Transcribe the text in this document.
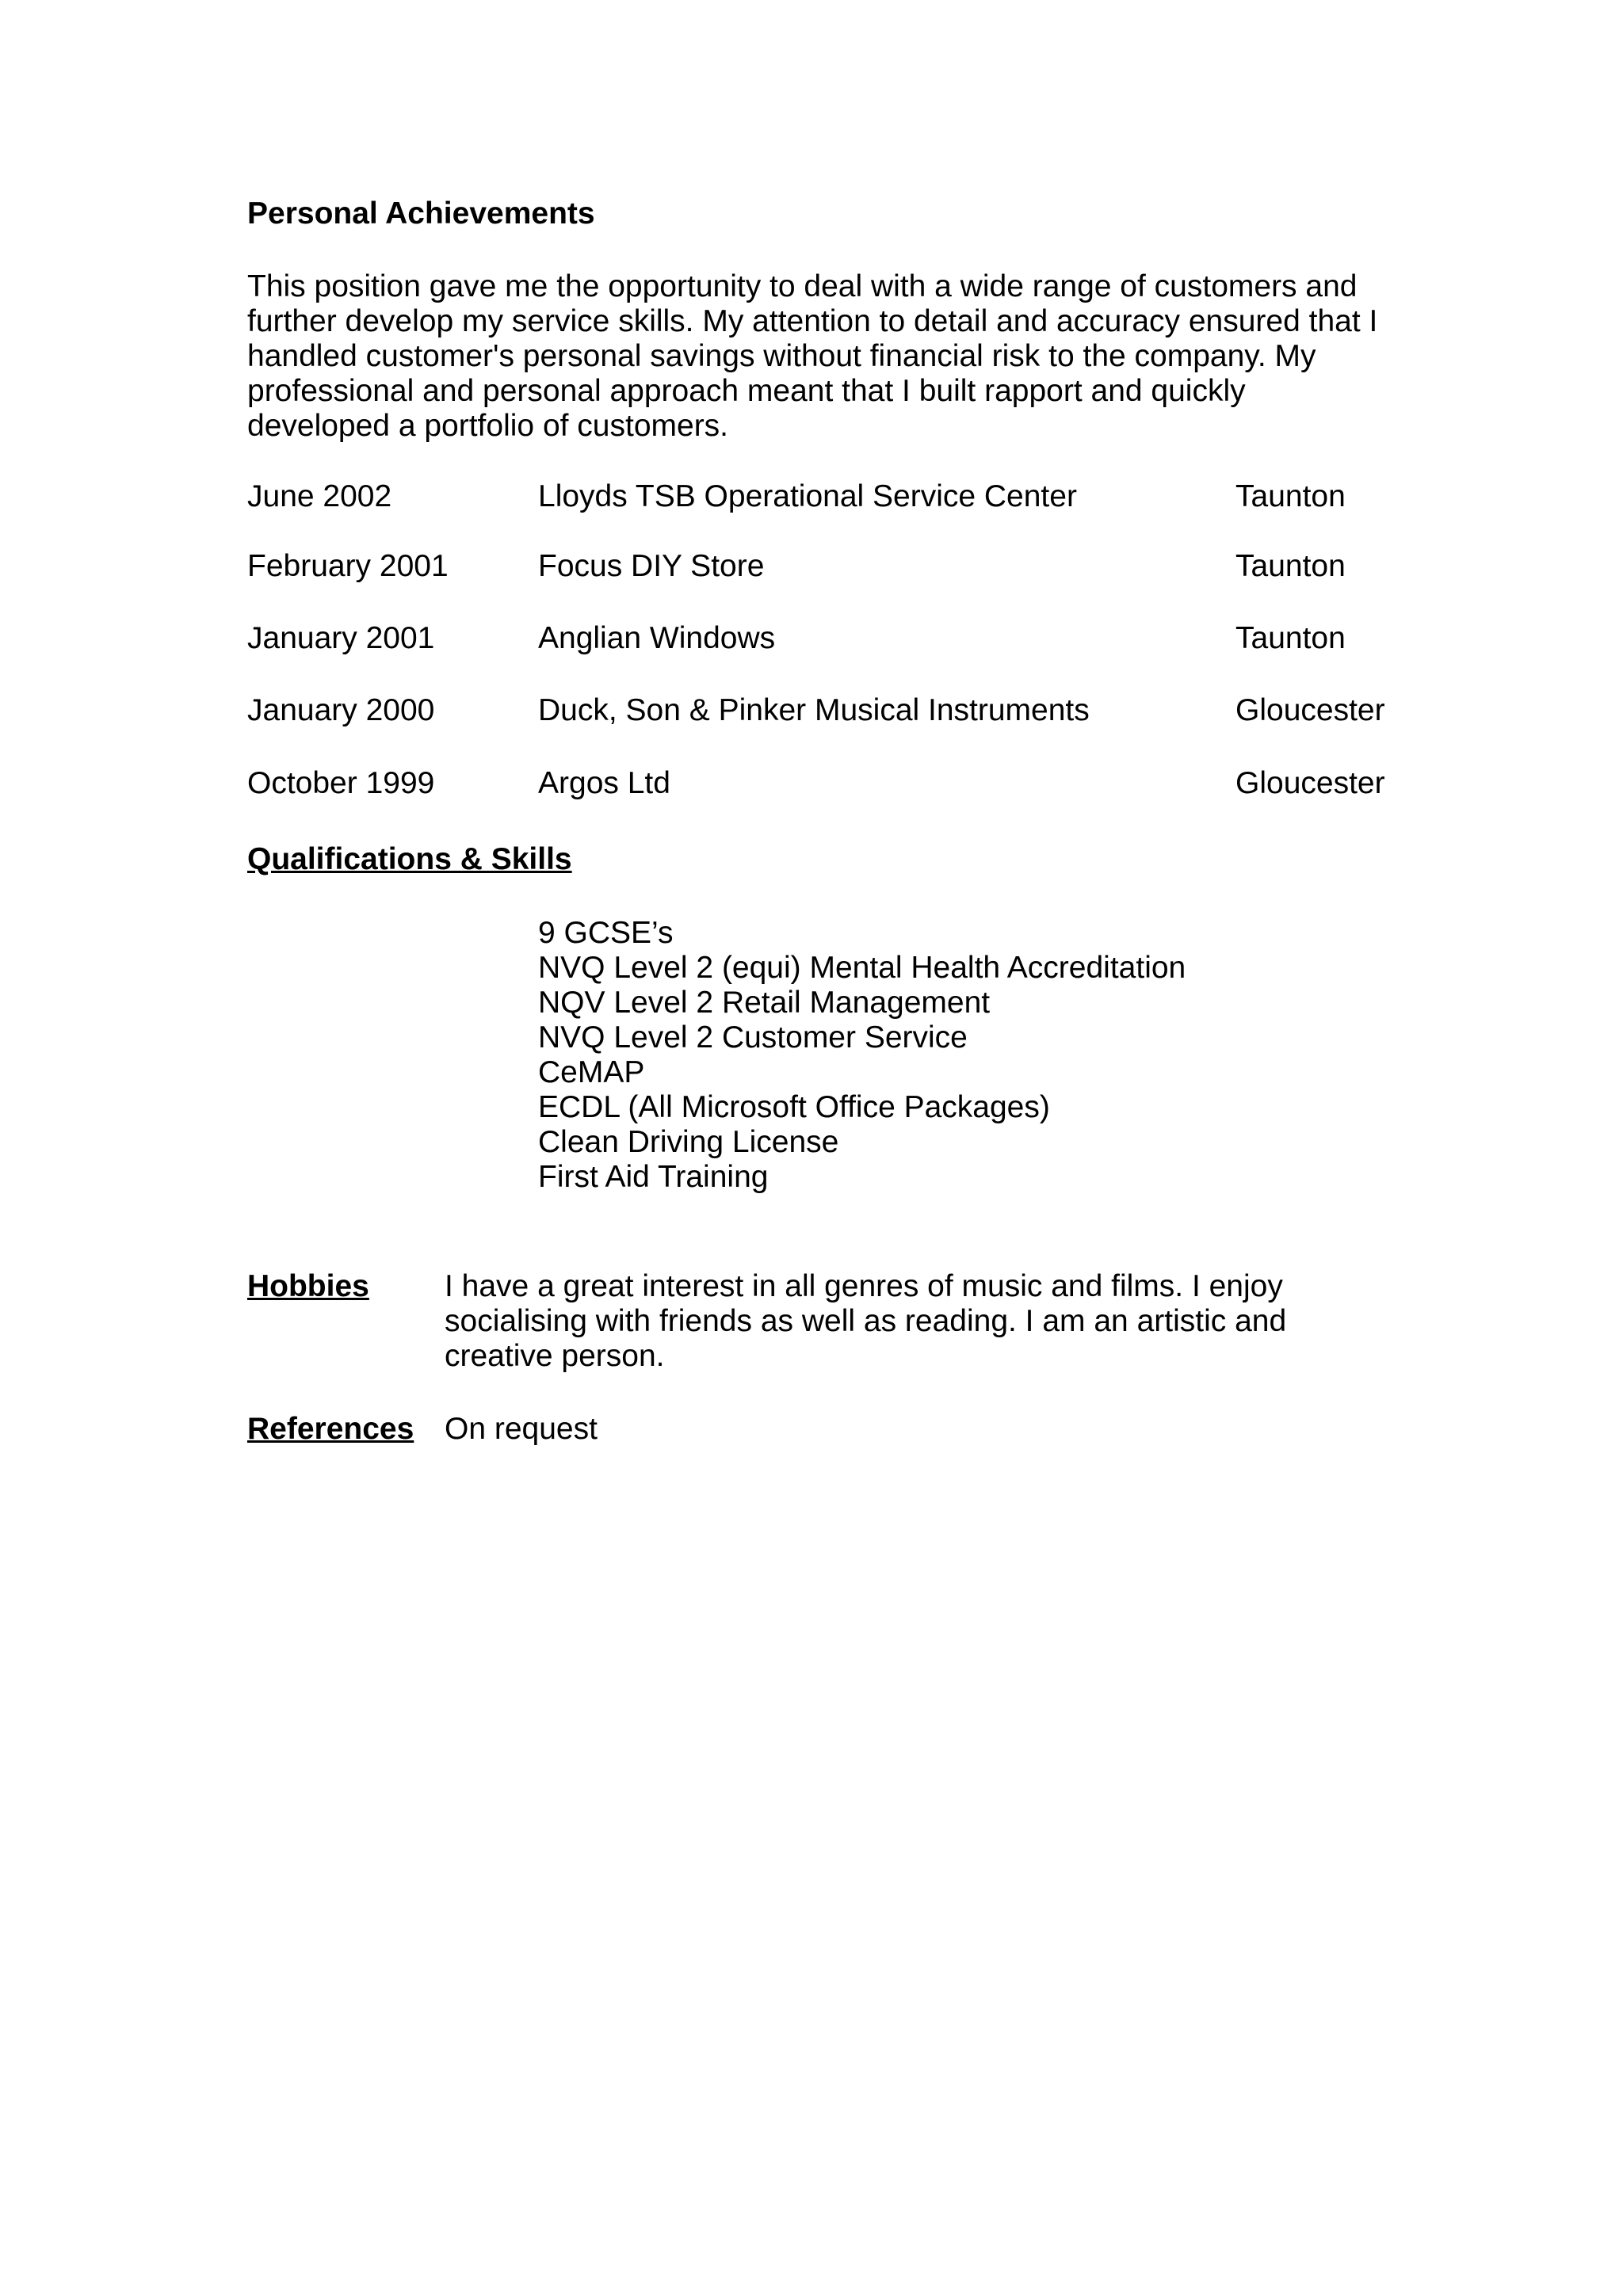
Personal Achievements
This position gave me the opportunity to deal with a wide range of customers and further develop my service skills. My attention to detail and accuracy ensured that I handled customer's personal savings without financial risk to the company. My professional and personal approach meant that I built rapport and quickly developed a portfolio of customers.
June 2002	Lloyds TSB Operational Service Center	Taunton
February 2001	Focus DIY Store	Taunton
January 2001	Anglian Windows	Taunton
January 2000	Duck, Son & Pinker Musical Instruments	Gloucester
October 1999	Argos Ltd	Gloucester
Qualifications & Skills
9 GCSE’s
NVQ Level 2 (equi) Mental Health Accreditation
NQV Level 2 Retail Management
NVQ Level 2 Customer Service
CeMAP
ECDL (All Microsoft Office Packages)
Clean Driving License
First Aid Training
Hobbies I have a great interest in all genres of music and films. I enjoy socialising with friends as well as reading. I am an artistic and creative person.
References On request
